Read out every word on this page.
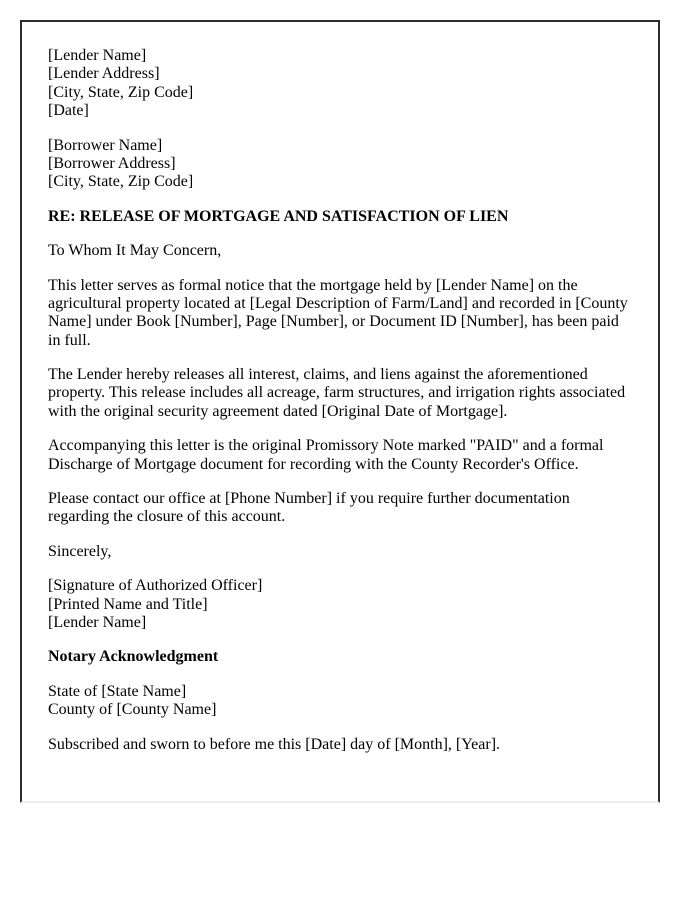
[Lender Name]
[Lender Address]
[City, State, Zip Code]
[Date]

[Borrower Name]
[Borrower Address]
[City, State, Zip Code]

RE: RELEASE OF MORTGAGE AND SATISFACTION OF LIEN

To Whom It May Concern,

This letter serves as formal notice that the mortgage held by [Lender Name] on the agricultural property located at [Legal Description of Farm/Land] and recorded in [County Name] under Book [Number], Page [Number], or Document ID [Number], has been paid in full.

The Lender hereby releases all interest, claims, and liens against the aforementioned property. This release includes all acreage, farm structures, and irrigation rights associated with the original security agreement dated [Original Date of Mortgage].

Accompanying this letter is the original Promissory Note marked "PAID" and a formal Discharge of Mortgage document for recording with the County Recorder's Office.

Please contact our office at [Phone Number] if you require further documentation regarding the closure of this account.

Sincerely,

[Signature of Authorized Officer]
[Printed Name and Title]
[Lender Name]

Notary Acknowledgment

State of [State Name]
County of [County Name]

Subscribed and sworn to before me this [Date] day of [Month], [Year].
